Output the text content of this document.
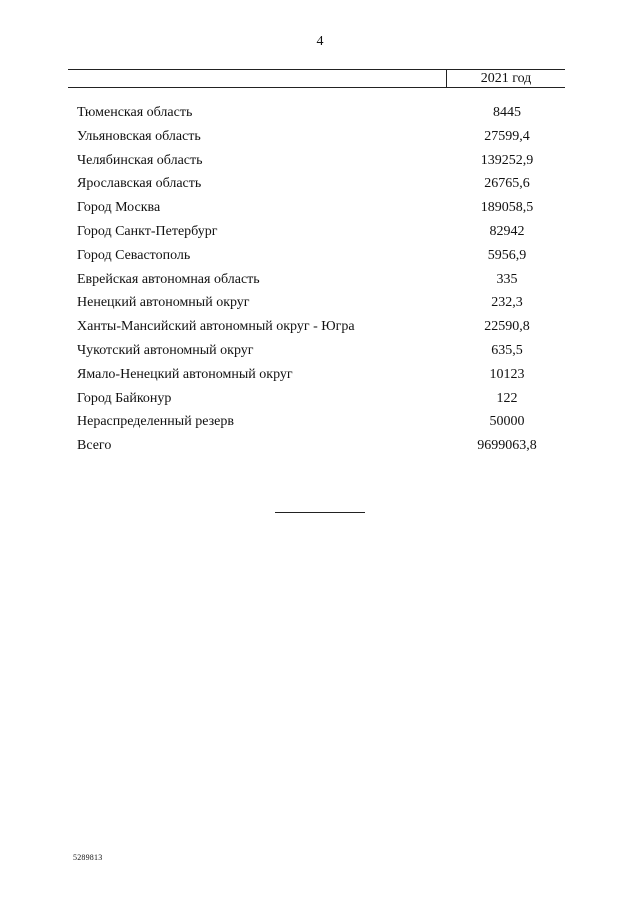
4
2021 год
Тюменская область	8445
Ульяновская область	27599,4
Челябинская область	139252,9
Ярославская область	26765,6
Город Москва	189058,5
Город Санкт-Петербург	82942
Город Севастополь	5956,9
Еврейская автономная область	335
Ненецкий автономный округ	232,3
Ханты-Мансийский автономный округ - Югра	22590,8
Чукотский автономный округ	635,5
Ямало-Ненецкий автономный округ	10123
Город Байконур	122
Нераспределенный резерв	50000
Всего	9699063,8
5289813
